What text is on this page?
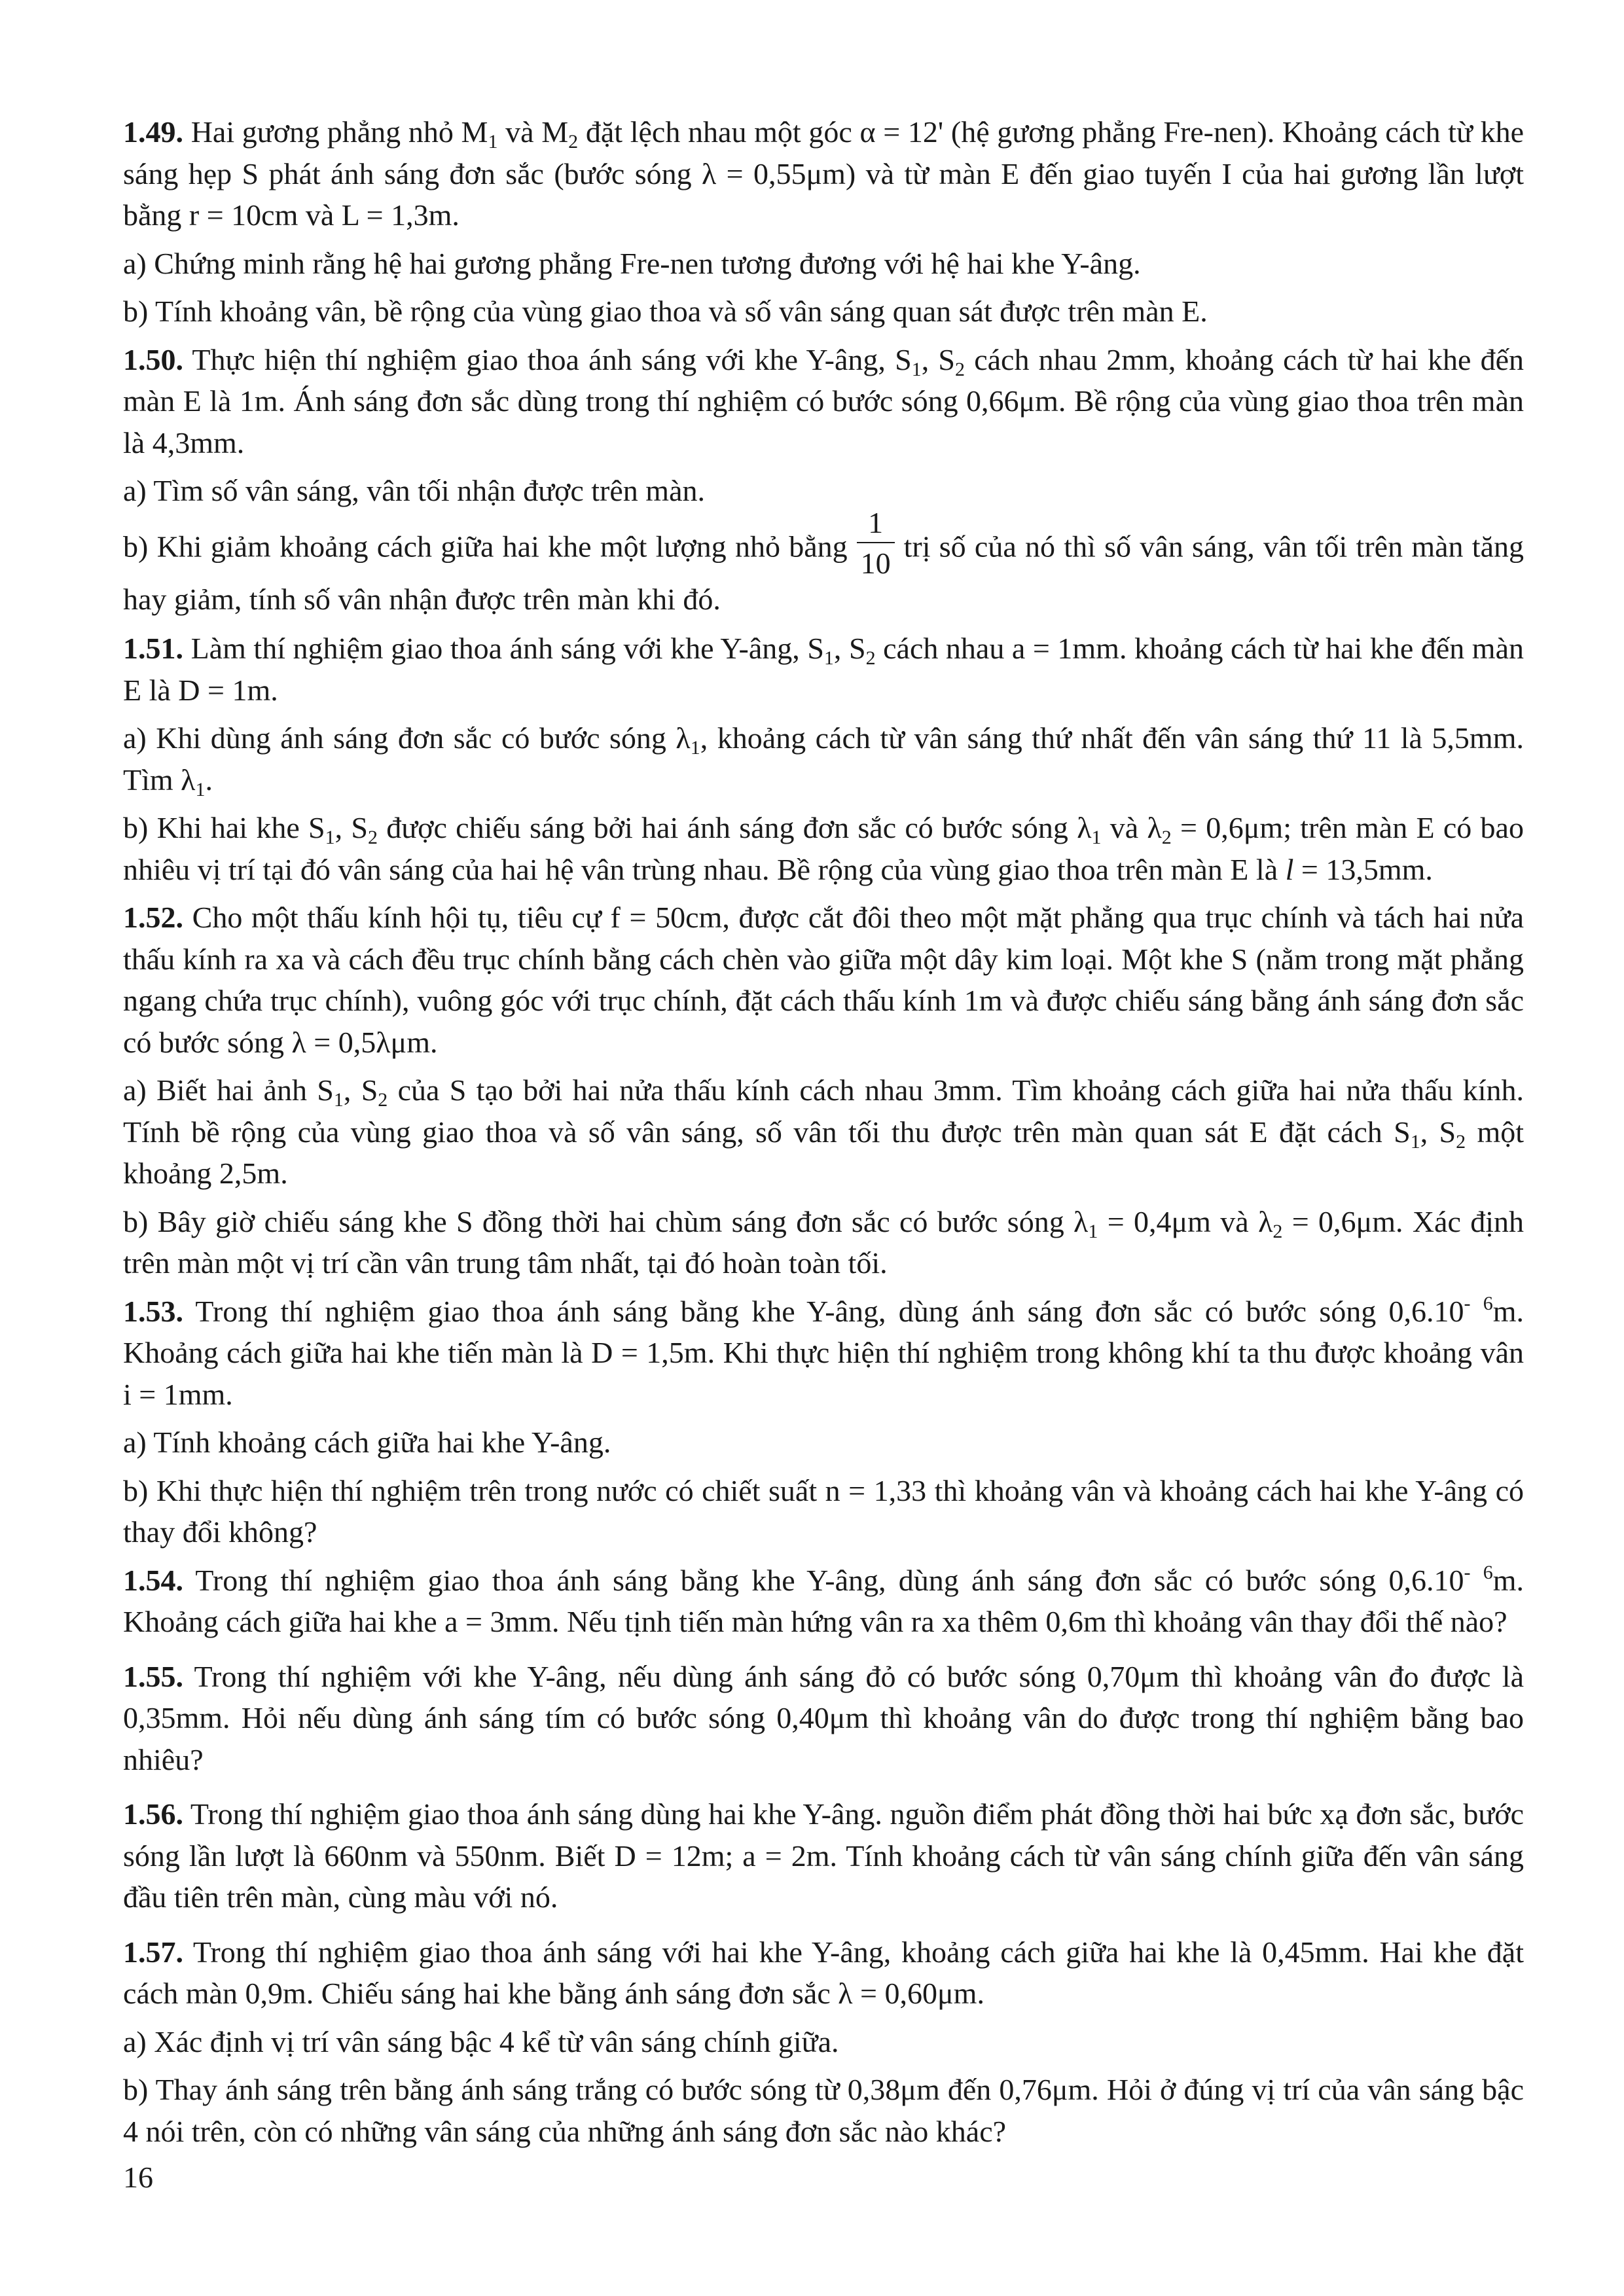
1.49. Hai gương phẳng nhỏ $M_1$ và $M_2$ đặt lệch nhau một góc α = 12' (hệ gương phẳng Fre-nen). Khoảng cách từ khe sáng hẹp S phát ánh sáng đơn sắc (bước sóng λ = 0,55μm) và từ màn E đến giao tuyến I của hai gương lần lượt bằng r = 10cm và L = 1,3m.

a) Chứng minh rằng hệ hai gương phẳng Fre-nen tương đương với hệ hai khe Y-âng.

b) Tính khoảng vân, bề rộng của vùng giao thoa và số vân sáng quan sát được trên màn E.

1.50. Thực hiện thí nghiệm giao thoa ánh sáng với khe Y-âng, $S_1$, $S_2$ cách nhau 2mm, khoảng cách từ hai khe đến màn E là 1m. Ánh sáng đơn sắc dùng trong thí nghiệm có bước sóng 0,66μm. Bề rộng của vùng giao thoa trên màn là 4,3mm.

a) Tìm số vân sáng, vân tối nhận được trên màn.

b) Khi giảm khoảng cách giữa hai khe một lượng nhỏ bằng $\frac{1}{10}$ trị số của nó thì số vân sáng, vân tối trên màn tăng hay giảm, tính số vân nhận được trên màn khi đó.

1.51. Làm thí nghiệm giao thoa ánh sáng với khe Y-âng, $S_1$, $S_2$ cách nhau a = 1mm. khoảng cách từ hai khe đến màn E là D = 1m.

a) Khi dùng ánh sáng đơn sắc có bước sóng $\lambda_1$, khoảng cách từ vân sáng thứ nhất đến vân sáng thứ 11 là 5,5mm. Tìm $\lambda_1$.

b) Khi hai khe $S_1$, $S_2$ được chiếu sáng bởi hai ánh sáng đơn sắc có bước sóng $\lambda_1$ và $\lambda_2 = 0,6\mu m$; trên màn E có bao nhiêu vị trí tại đó vân sáng của hai hệ vân trùng nhau. Bề rộng của vùng giao thoa trên màn E là l = 13,5mm.

1.52. Cho một thấu kính hội tụ, tiêu cự f = 50cm, được cắt đôi theo một mặt phẳng qua trục chính và tách hai nửa thấu kính ra xa và cách đều trục chính bằng cách chèn vào giữa một dây kim loại. Một khe S (nằm trong mặt phẳng ngang chứa trục chính), vuông góc với trục chính, đặt cách thấu kính 1m và được chiếu sáng bằng ánh sáng đơn sắc có bước sóng λ = 0,5λμm.

a) Biết hai ảnh $S_1$, $S_2$ của S tạo bởi hai nửa thấu kính cách nhau 3mm. Tìm khoảng cách giữa hai nửa thấu kính. Tính bề rộng của vùng giao thoa và số vân sáng, số vân tối thu được trên màn quan sát E đặt cách $S_1$, $S_2$ một khoảng 2,5m.

b) Bây giờ chiếu sáng khe S đồng thời hai chùm sáng đơn sắc có bước sóng $\lambda_1 = 0,4\mu m$ và $\lambda_2 = 0,6\mu m$. Xác định trên màn một vị trí cần vân trung tâm nhất, tại đó hoàn toàn tối.

1.53. Trong thí nghiệm giao thoa ánh sáng bằng khe Y-âng, dùng ánh sáng đơn sắc có bước sóng 0,6.10- $^6$m. Khoảng cách giữa hai khe tiến màn là D = 1,5m. Khi thực hiện thí nghiệm trong không khí ta thu được khoảng vân i = 1mm.

a) Tính khoảng cách giữa hai khe Y-âng.

b) Khi thực hiện thí nghiệm trên trong nước có chiết suất n = 1,33 thì khoảng vân và khoảng cách hai khe Y-âng có thay đổi không?

1.54. Trong thí nghiệm giao thoa ánh sáng bằng khe Y-âng, dùng ánh sáng đơn sắc có bước sóng 0,6.10- $^6$m. Khoảng cách giữa hai khe a = 3mm. Nếu tịnh tiến màn hứng vân ra xa thêm 0,6m thì khoảng vân thay đổi thế nào?

1.55. Trong thí nghiệm với khe Y-âng, nếu dùng ánh sáng đỏ có bước sóng 0,70μm thì khoảng vân đo được là 0,35mm. Hỏi nếu dùng ánh sáng tím có bước sóng 0,40μm thì khoảng vân do được trong thí nghiệm bằng bao nhiêu?

1.56. Trong thí nghiệm giao thoa ánh sáng dùng hai khe Y-âng. nguồn điểm phát đồng thời hai bức xạ đơn sắc, bước sóng lần lượt là 660nm và 550nm. Biết D = 12m; a = 2m. Tính khoảng cách từ vân sáng chính giữa đến vân sáng đầu tiên trên màn, cùng màu với nó.

1.57. Trong thí nghiệm giao thoa ánh sáng với hai khe Y-âng, khoảng cách giữa hai khe là 0,45mm. Hai khe đặt cách màn 0,9m. Chiếu sáng hai khe bằng ánh sáng đơn sắc λ = 0,60μm.

a) Xác định vị trí vân sáng bậc 4 kể từ vân sáng chính giữa.

b) Thay ánh sáng trên bằng ánh sáng trắng có bước sóng từ 0,38μm đến 0,76μm. Hỏi ở đúng vị trí của vân sáng bậc 4 nói trên, còn có những vân sáng của những ánh sáng đơn sắc nào khác?

16
